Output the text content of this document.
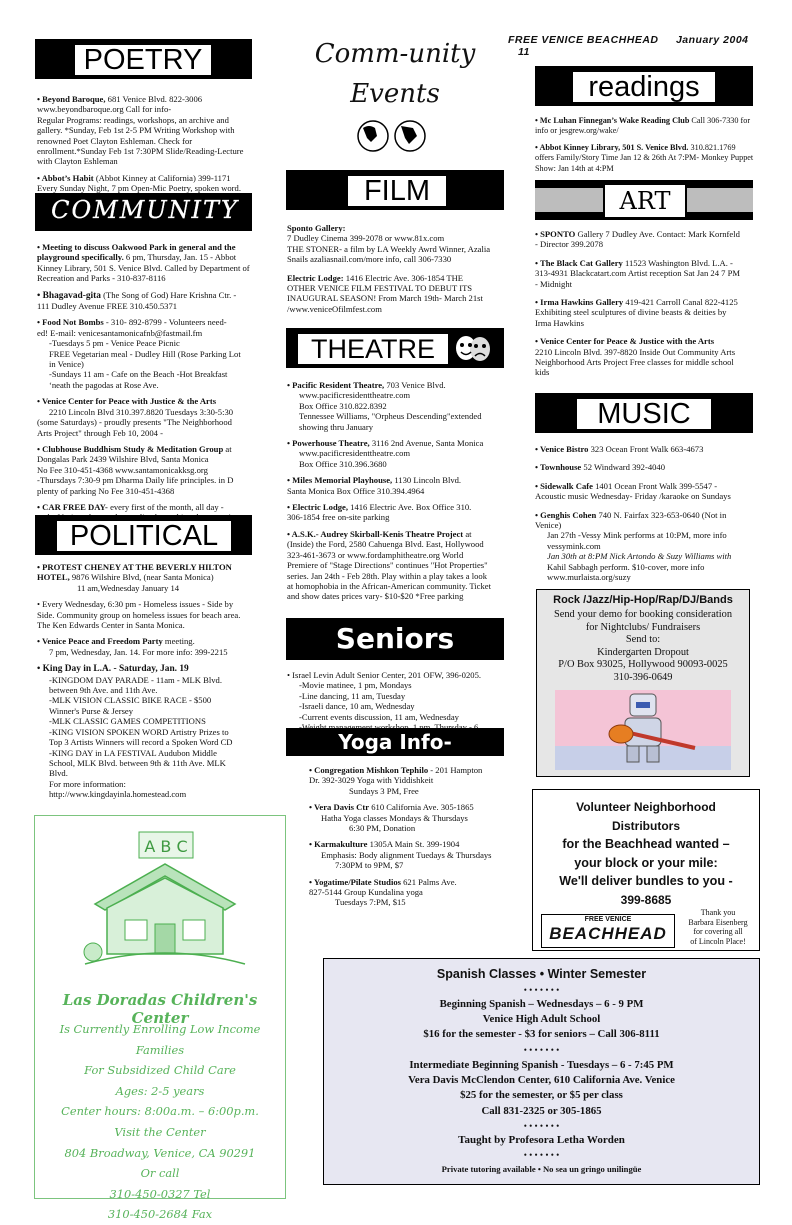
FREE VENICE BEACHHEAD January 2004 11
POETRY

• Beyond Baroque, 681 Venice Blvd. 822-3006
www.beyondbaroque.org Call for info-
Regular Programs: readings, workshops, an archive and
gallery. *Sunday, Feb 1st 2-5 PM Writing Workshop with
renowned Poet Clayton Eshleman. Check for
enrollment.*Sunday Feb 1st 7:30PM Slide/Reading-Lecture
with Clayton Eshleman

• Abbot’s Habit (Abbot Kinney at California) 399-1171
Every Sunday Night, 7 pm Open-Mic Poetry, spoken word.

COMMUNITY

• Meeting to discuss Oakwood Park in general and the playground specifically. 6 pm, Thursday, Jan. 15 - Abbot Kinney Library, 501 S. Venice Blvd. Called by Department of Recreation and Parks - 310-837-8116

• Bhagavad-gita (The Song of God) Hare Krishna Ctr. -
111 Dudley Avenue FREE 310.450.5371

• Food Not Bombs - 310- 892-8799 - Volunteers need-
ed! E-mail: venicesantamonicafnb@fastmail.fm
-Tuesdays 5 pm - Venice Peace Picnic
FREE Vegetarian meal - Dudley Hill (Rose Parking Lot
in Venice)
-Sundays 11 am - Cafe on the Beach -Hot Breakfast
‘neath the pagodas at Rose Ave.

• Venice Center for Peace with Justice & the Arts

2210 Lincoln Blvd 310.397.8820 Tuesdays 3:30-5:30
(some Saturdays) - proudly presents "The Neighborhood
Arts Project" through Feb 10, 2004 -

• Clubhouse Buddhism Study & Meditation Group at Dongalas Park 2439 Wilshire Blvd, Santa Monica
No Fee 310-451-4368 www.santamonicakksg.org
-Thursdays 7:30-9 pm Dharma Daily life principles. in D
plenty of parking No Fee 310-451-4368

• CAR FREE DAY- every first of the month, all day -

POLITICAL

• PROTEST CHENEY AT THE BEVERLY HILTON HOTEL, 9876 Wilshire Blvd, (near Santa Monica)

11 am,Wednesday January 14

• Every Wednesday, 6:30 pm - Homeless issues - Side by
Side. Community group on homeless issues for beach area.
The Ken Edwards Center in Santa Monica.

• Venice Peace and Freedom Party meeting.

7 pm, Wednesday, Jan. 14. For more info: 399-2215

• King Day in L.A. - Saturday, Jan. 19
-KINGDOM DAY PARADE - 11am - MLK Blvd.
between 9th Ave. and 11th Ave.
-MLK VISION CLASSIC BIKE RACE - $500
Winner's Purse & Jersey
-MLK CLASSIC GAMES COMPETITIONS
-KING VISION SPOKEN WORD Artistry Prizes to
Top 3 Artists Winners will record a Spoken Word CD
-KING DAY in LA FESTIVAL Audubon Middle
School, MLK Blvd. between 9th & 11th Ave. MLK
Blvd.
For more information:
http://www.kingdayinla.homestead.com

A B C
Las Doradas Children's Center
Is Currently Enrolling Low Income Families
For Subsidized Child Care
Ages: 2-5 years
Center hours: 8:00a.m. – 6:00p.m.
Visit the Center
804 Broadway, Venice, CA 90291
Or call
310-450-0327 Tel
310-450-2684 Fax
Comm-unity
Events
FILM

Sponto Gallery:
7 Dudley Cinema 399-2078 or www.81x.com
THE STONER- a film by LA Weekly Awrd Winner, Azalia
Snails azaliasnail.com/more info, call 306-7330

Electric Lodge: 1416 Electric Ave. 306-1854 THE
OTHER VENICE FILM FESTIVAL TO DEBUT ITS
INAUGURAL SEASON! From March 19th- March 21st
/www.veniceOfilmfest.com

THEATRE

• Pacific Resident Theatre, 703 Venice Blvd.
www.pacificresidenttheatre.com
Box Office 310.822.8392
Tennessee Williams, "Orpheus Descending"extended
showing thru January

• Powerhouse Theatre, 3116 2nd Avenue, Santa Monica
www.pacificresidenttheatre.com
Box Office 310.396.3680

• Miles Memorial Playhouse, 1130 Lincoln Blvd.
Santa Monica Box Office 310.394.4964

• Electric Lodge, 1416 Electric Ave. Box Office 310.
306-1854 free on-site parking

• A.S.K.- Audrey Skirball-Kenis Theatre Project at
(Inside) the Ford, 2580 Cahuenga Blvd. East, Hollywood
323-461-3673 or www.fordamphitheatre.org World
Premiere of "Stage Directions" continues "Hot Properties"
series. Jan 24th - Feb 28th. Play within a play takes a look
at homophobia in the African-American community. Ticket
and show dates prices vary- $10-$20 *Free parking

Seniors

• Israel Levin Adult Senior Center, 201 OFW, 396-0205.
-Movie matinee, 1 pm, Mondays
-Line dancing, 11 am, Tuesday
-Israeli dance, 10 am, Wednesday
-Current events discussion, 11 am, Wednesday

Yoga Info-

• Congregation Mishkon Tephilo - 201 Hampton
Dr. 392-3029 Yoga with Yiddishkeit
Sundays 3 PM, Free

• Vera Davis Ctr 610 California Ave. 305-1865
Hatha Yoga classes Mondays & Thursdays
6:30 PM, Donation

• Karmakulture 1305A Main St. 399-1904
Emphasis: Body alignment Tuedays & Thursdays
7:30PM to 9PM, $7

• Yogatime/Pilate Studios 621 Palms Ave.
827-5144 Group Kundalina yoga
Tuesdays 7:PM, $15

readings

• Mc Luhan Finnegan’s Wake Reading Club Call 306-7330 for
info or jesgrew.org/wake/

• Abbot Kinney Library, 501 S. Venice Blvd. 310.821.1769
offers Family/Story Time Jan 12 & 26th At 7:PM- Monkey Puppet
Show: Jan 14th at 4:PM

ART

• SPONTO Gallery 7 Dudley Ave. Contact: Mark Kornfeld
- Director 399.2078

• The Black Cat Gallery 11523 Washington Blvd. L.A. -
313-4931 Blackcatart.com Artist reception Sat Jan 24 7 PM
- Midnight

• Irma Hawkins Gallery 419-421 Carroll Canal 822-4125
Exhibiting steel sculptures of divine beasts & deities by
Irma Hawkins

• Venice Center for Peace & Justice with the Arts
2210 Lincoln Blvd. 397-8820 Inside Out Community Arts
Neighborhood Arts Project Free classes for middle school
kids

MUSIC

• Venice Bistro 323 Ocean Front Walk 663-4673

• Townhouse 52 Windward 392-4040

• Sidewalk Cafe 1401 Ocean Front Walk 399-5547 -
Acoustic music Wednesday- Friday /karaoke on Sundays

• Genghis Cohen 740 N. Fairfax 323-653-0640 (Not in
Venice)
Jan 27th -Vessy Mink performs at 10:PM, more info
vessymink.com
Jan 30th at 8:PM Nick Artondo & Suzy Williams with
Kahil Sabbagh perform. $10-cover, more info
www.murlaista.org/suzy

Rock /Jazz/Hip-Hop/Rap/DJ/Bands
Send your demo for booking consideration
for Nightclubs/ Fundraisers
Send to:
Kindergarten Dropout
P/O Box 93025, Hollywood 90093-0025
310-396-0649
Volunteer Neighborhood
Distributors
for the Beachhead wanted –
your block or your mile:
We'll deliver bundles to you -
399-8685
FREE VENICE
BEACHHEAD
Thank you
Barbara Eisenberg
for covering all
of Lincoln Place!
Spanish Classes • Winter Semester
• • • • • • •
Beginning Spanish – Wednesdays – 6 - 9 PM
Venice High Adult School
$16 for the semester - $3 for seniors – Call 306-8111
• • • • • • •
Intermediate Beginning Spanish - Tuesdays – 6 - 7:45 PM
Vera Davis McClendon Center, 610 California Ave. Venice
$25 for the semester, or $5 per class
Call 831-2325 or 305-1865
• • • • • • •
Taught by Profesora Letha Worden
• • • • • • •
Private tutoring available • No sea un gringo unilingüe
